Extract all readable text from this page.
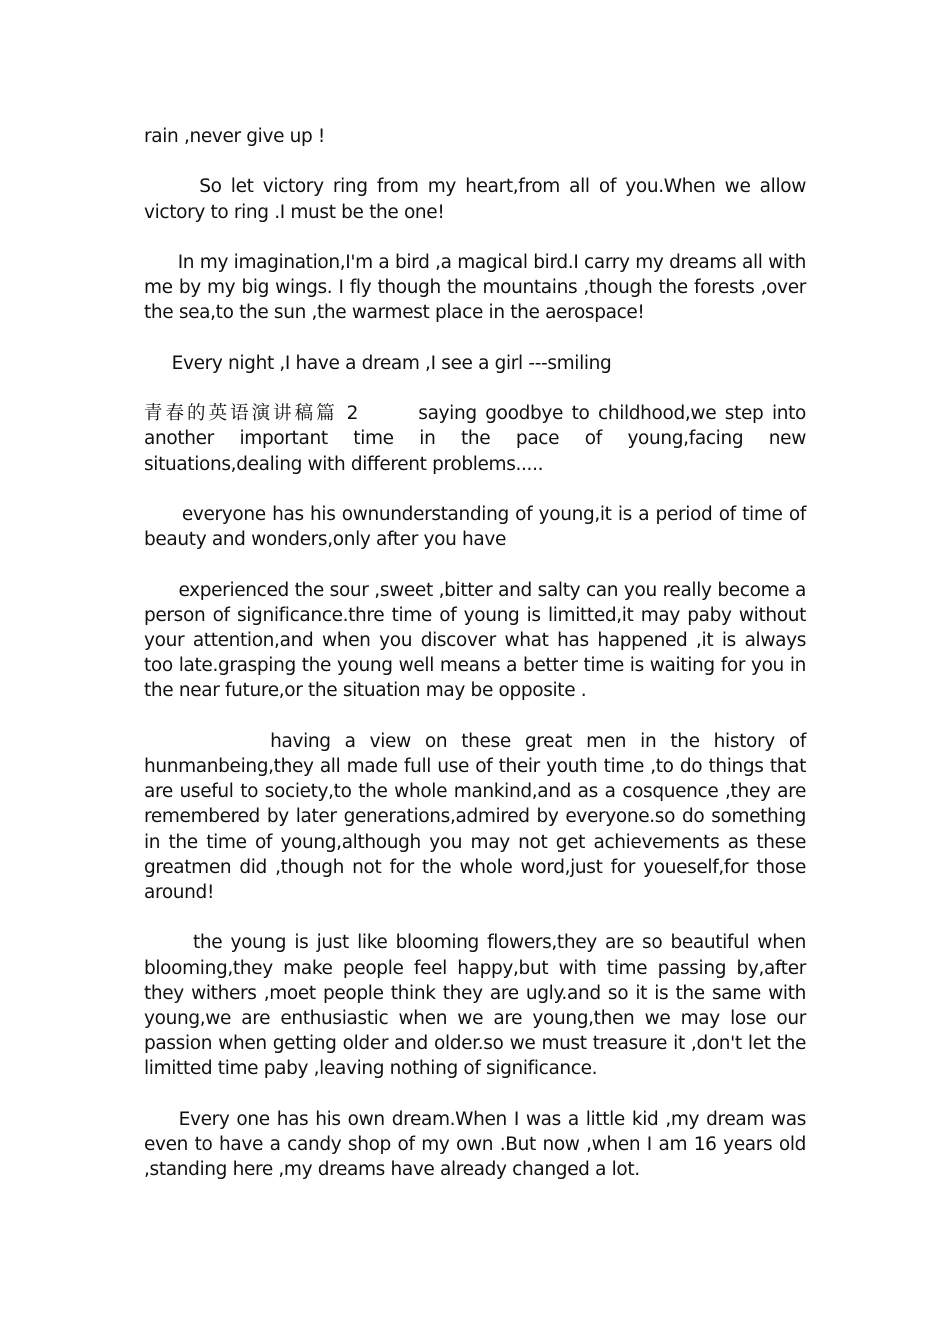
rain ,never give up !

So let victory ring from my heart,from all of you.When we allow victory to ring .I must be the one!

In my imagination,I'm a bird ,a magical bird.I carry my dreams all with me by my big wings. I fly though the mountains ,though the forests ,over the sea,to the sun ,the warmest place in the aerospace!

Every night ,I have a dream ,I see a girl ---smiling

青春的英语演讲稿篇 2	saying goodbye to childhood,we step into another important time in the pace of young,facing new situations,dealing with different problems.....

everyone has his ownunderstanding of young,it is a period of time of beauty and wonders,only after you have

experienced the sour ,sweet ,bitter and salty can you really become a person of significance.thre time of young is limitted,it may paby without your attention,and when you discover what has happened ,it is always too late.grasping the young well means a better time is waiting for you in the near future,or the situation may be opposite .

having a view on these great men in the history of hunmanbeing,they all made full use of their youth time ,to do things that are useful to society,to the whole mankind,and as a cosquence ,they are remembered by later generations,admired by everyone.so do something in the time of young,although you may not get achievements as these greatmen did ,though not for the whole word,just for youeself,for those around!

the young is just like blooming flowers,they are so beautiful when blooming,they make people feel happy,but with time passing by,after they withers ,moet people think they are ugly.and so it is the same with young,we are enthusiastic when we are young,then we may lose our passion when getting older and older.so we must treasure it ,don't let the limitted time paby ,leaving nothing of significance.

Every one has his own dream.When I was a little kid ,my dream was even to have a candy shop of my own .But now ,when I am 16 years old ,standing here ,my dreams have already changed a lot.
